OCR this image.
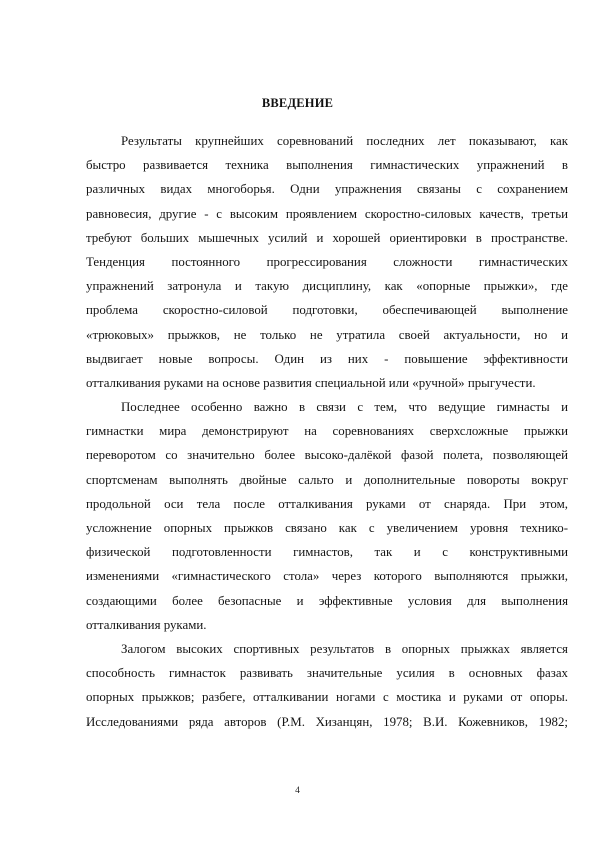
ВВЕДЕНИЕ
Результаты крупнейших соревнований последних лет показывают, как
быстро развивается техника выполнения гимнастических упражнений в
различных видах многоборья. Одни упражнения связаны с сохранением
равновесия, другие - с высоким проявлением скоростно-силовых качеств, третьи
требуют больших мышечных усилий и хорошей ориентировки в пространстве.
Тенденция постоянного прогрессирования сложности гимнастических
упражнений затронула и такую дисциплину, как «опорные прыжки», где
проблема скоростно-силовой подготовки, обеспечивающей выполнение
«трюковых» прыжков, не только не утратила своей актуальности, но и
выдвигает новые вопросы. Один из них - повышение эффективности
отталкивания руками на основе развития специальной или «ручной» прыгучести.
Последнее особенно важно в связи с тем, что ведущие гимнасты и
гимнастки мира демонстрируют на соревнованиях сверхсложные прыжки
переворотом со значительно более высоко-далёкой фазой полета, позволяющей
спортсменам выполнять двойные сальто и дополнительные повороты вокруг
продольной оси тела после отталкивания руками от снаряда. При этом,
усложнение опорных прыжков связано как с увеличением уровня технико-
физической подготовленности гимнастов, так и с конструктивными
изменениями «гимнастического стола» через которого выполняются прыжки,
создающими более безопасные и эффективные условия для выполнения
отталкивания руками.
Залогом высоких спортивных результатов в опорных прыжках является
способность гимнасток развивать значительные усилия в основных фазах
опорных прыжков; разбеге, отталкивании ногами с мостика и руками от опоры.
Исследованиями ряда авторов (Р.М. Хизанцян, 1978; В.И. Кожевников, 1982;
4
